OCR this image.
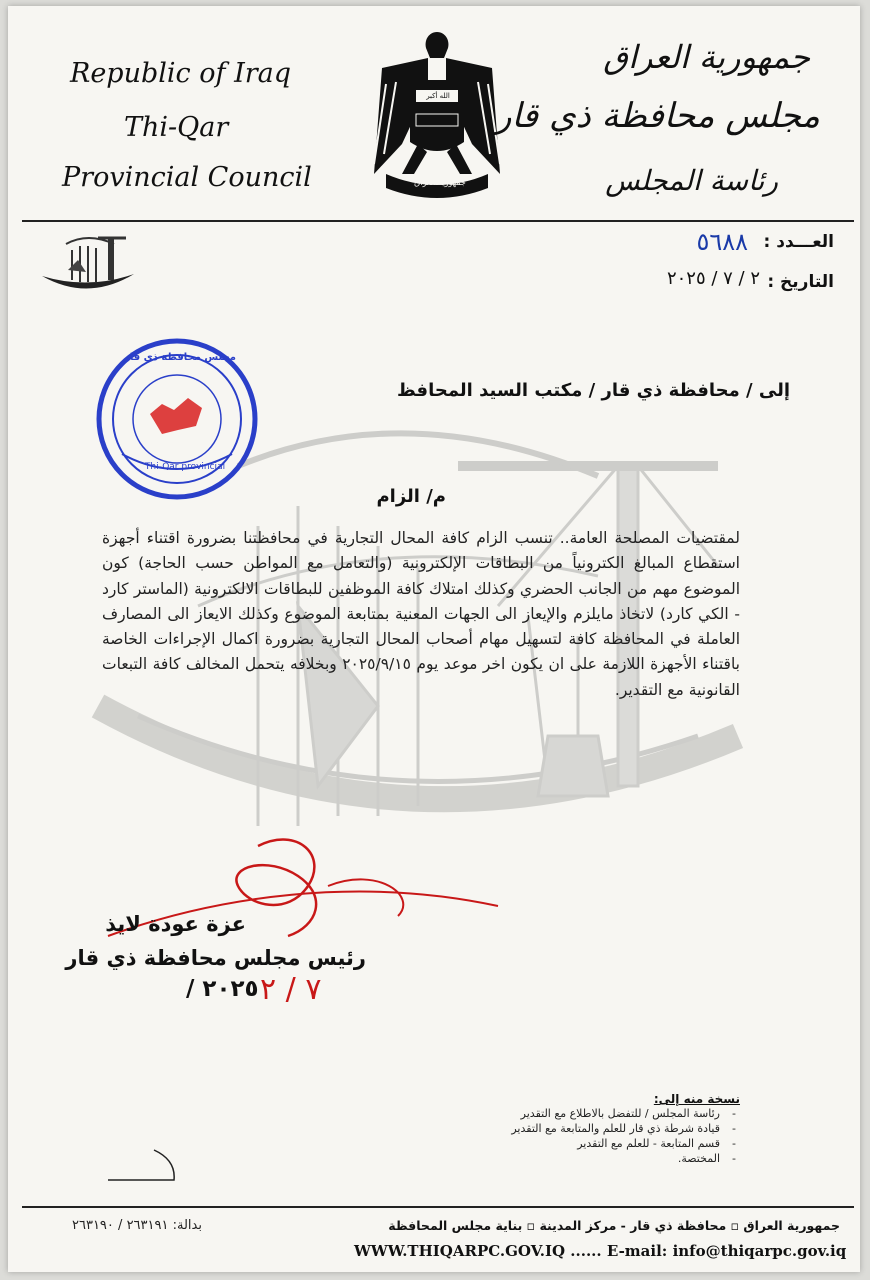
Republic of Iraq
Thi-Qar
Provincial Council
الله أكبر
جمهورية العراق
جمهورية العراق
مجلس محافظة ذي قار
رئاسة المجلس
العـــدد :
٥٦٨٨
التاريخ :
٢ / ٧ / ٢٠٢٥
مجلس محافظة ذي قار
Thi-Qar provincial
إلى / محافظة ذي قار / مكتب السيد المحافظ
م/ الزام
لمقتضيات المصلحة العامة.. تنسب الزام كافة المحال التجارية في محافظتنا بضرورة اقتناء أجهزة استقطاع المبالغ الكترونياً من البطاقات الإلكترونية (والتعامل مع المواطن حسب الحاجة) كون الموضوع مهم من الجانب الحضري وكذلك امتلاك كافة الموظفين للبطاقات الالكترونية (الماستر كارد - الكي كارد) لاتخاذ مايلزم والإيعاز الى الجهات المعنية بمتابعة الموضوع وكذلك الايعاز الى المصارف العاملة في المحافظة كافة لتسهيل مهام أصحاب المحال التجارية بضرورة اكمال الإجراءات الخاصة باقتناء الأجهزة اللازمة على ان يكون اخر موعد يوم ٢٠٢٥/٩/١٥ وبخلافه يتحمل المخالف كافة التبعات القانونية مع التقدير.
عزة عودة لايذ
رئيس مجلس محافظة ذي قار
٢٠٢٥ / ٧ / ٢
نسخة منه إلى:
رئاسة المجلس / للتفضل بالاطلاع مع التقدير
قيادة شرطة ذي قار للعلم والمتابعة مع التقدير
قسم المتابعة - للعلم مع التقدير
المختصة.
-
-
-
-
جمهورية العراق ▫ محافظة ذي قار - مركز المدينة ▫ بناية مجلس المحافظة
بدالة: ٢٦٣١٩١ / ٢٦٣١٩٠
WWW.THIQARPC.GOV.IQ ...... E-mail: info@thiqarpc.gov.iq
